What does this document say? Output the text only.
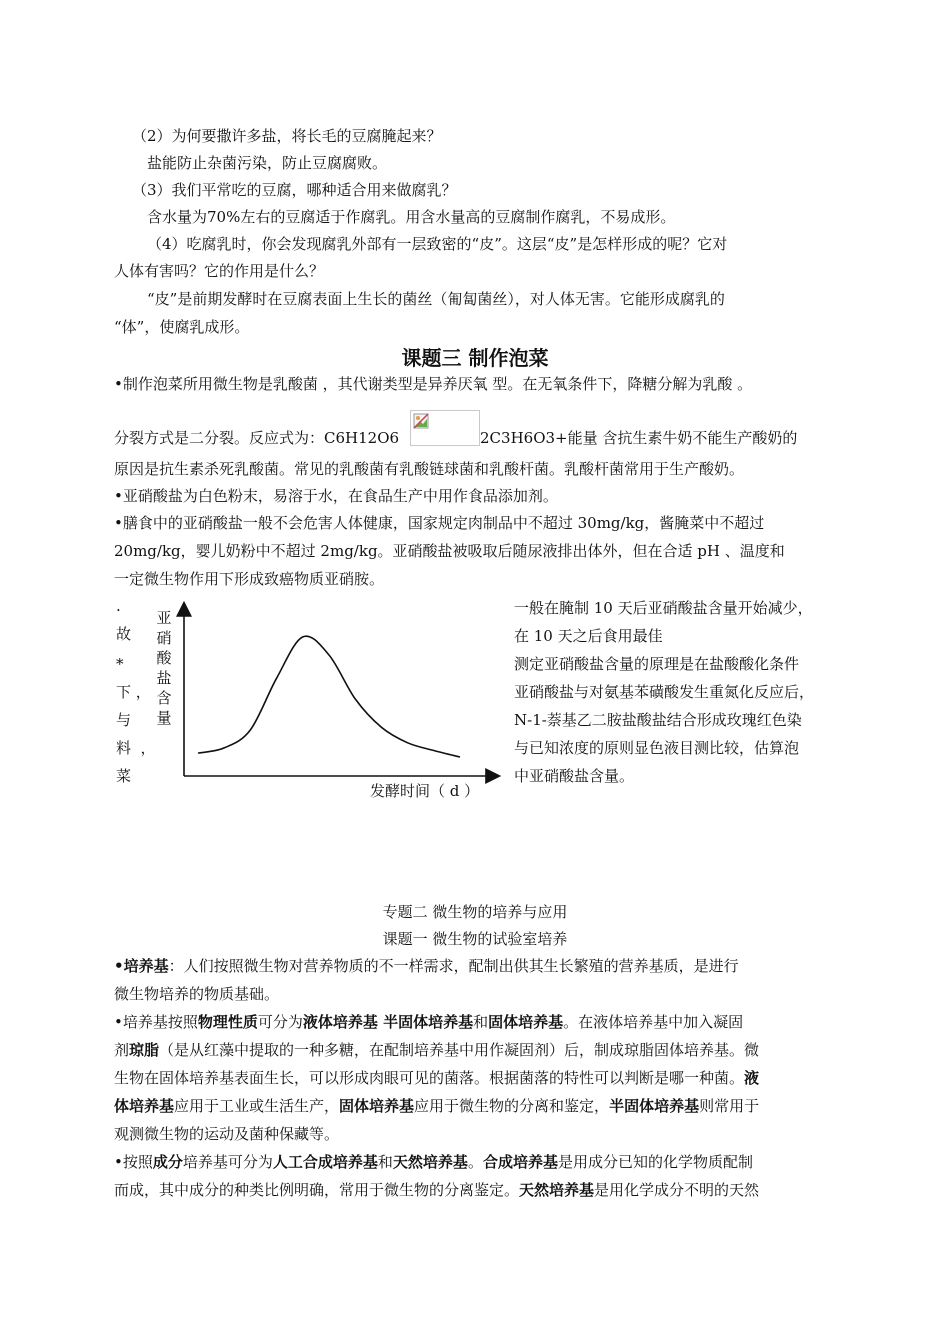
（2）为何要撒许多盐，将长毛的豆腐腌起来？
盐能防止杂菌污染，防止豆腐腐败。
（3）我们平常吃的豆腐，哪种适合用来做腐乳？
含水量为70%左右的豆腐适于作腐乳。用含水量高的豆腐制作腐乳，不易成形。
（4）吃腐乳时，你会发现腐乳外部有一层致密的“皮”。这层“皮”是怎样形成的呢？它对
人体有害吗？它的作用是什么？
“皮”是前期发酵时在豆腐表面上生长的菌丝（匍匐菌丝），对人体无害。它能形成腐乳的
“体”，使腐乳成形。
课题三 制作泡菜
•制作泡菜所用微生物是乳酸菌 ，其代谢类型是异养厌氧 型。在无氧条件下，降糖分解为乳酸 。
分裂方式是二分裂。反应式为：C6H12O6	2C3H6O3+能量 含抗生素牛奶不能生产酸奶的
原因是抗生素杀死乳酸菌。常见的乳酸菌有乳酸链球菌和乳酸杆菌。乳酸杆菌常用于生产酸奶。
•亚硝酸盐为白色粉末，易溶于水，在食品生产中用作食品添加剂。
•膳食中的亚硝酸盐一般不会危害人体健康，国家规定肉制品中不超过 30mg/kg，酱腌菜中不超过
20mg/kg，婴儿奶粉中不超过 2mg/kg。亚硝酸盐被吸取后随尿液排出体外，但在合适 pH 、温度和
一定微生物作用下形成致癌物质亚硝胺。
.
故
*
下 ，
与
料  ，
菜
亚
硝
酸
盐
含
量
发酵时间（ d ）
一般在腌制 10 天后亚硝酸盐含量开始减少，
在 10 天之后食用最佳
测定亚硝酸盐含量的原理是在盐酸酸化条件
亚硝酸盐与对氨基苯磺酸发生重氮化反应后，
N-1-萘基乙二胺盐酸盐结合形成玫瑰红色染
与已知浓度的原则显色液目测比较，估算泡
中亚硝酸盐含量。
专题二 微生物的培养与应用
课题一 微生物的试验室培养
•培养基：人们按照微生物对营养物质的不一样需求，配制出供其生长繁殖的营养基质，是进行
微生物培养的物质基础。
•培养基按照物理性质可分为液体培养基 半固体培养基和固体培养基。在液体培养基中加入凝固
剂琼脂（是从红藻中提取的一种多糖，在配制培养基中用作凝固剂）后，制成琼脂固体培养基。微
生物在固体培养基表面生长，可以形成肉眼可见的菌落。根据菌落的特性可以判断是哪一种菌。液
体培养基应用于工业或生活生产，固体培养基应用于微生物的分离和鉴定，半固体培养基则常用于
观测微生物的运动及菌种保藏等。
•按照成分培养基可分为人工合成培养基和天然培养基。合成培养基是用成分已知的化学物质配制
而成，其中成分的种类比例明确，常用于微生物的分离鉴定。天然培养基是用化学成分不明的天然
